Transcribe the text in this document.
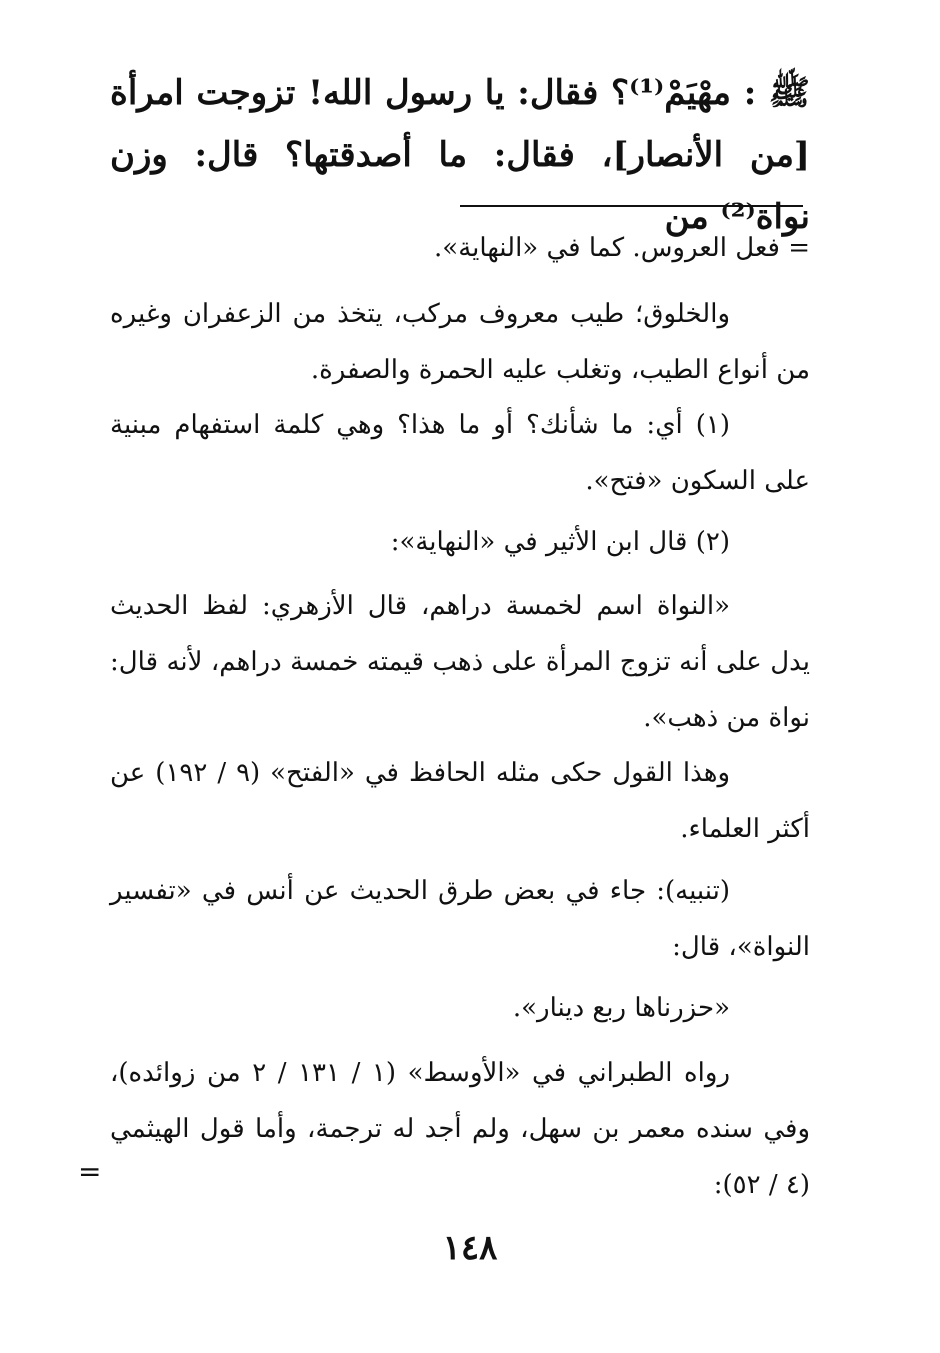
ﷺ : مهْيَمْ⁽¹⁾؟ فقال: يا رسول الله! تزوجت امرأة [من الأنصار]، فقال: ما أصدقتها؟ قال: وزن نواة⁽²⁾ من

= فعل العروس. كما في «النهاية».

والخلوق؛ طيب معروف مركب، يتخذ من الزعفران وغيره من أنواع الطيب، وتغلب عليه الحمرة والصفرة.

(١) أي: ما شأنك؟ أو ما هذا؟ وهي كلمة استفهام مبنية على السكون «فتح».

(٢) قال ابن الأثير في «النهاية»:

«النواة اسم لخمسة دراهم، قال الأزهري: لفظ الحديث يدل على أنه تزوج المرأة على ذهب قيمته خمسة دراهم، لأنه قال: نواة من ذهب».

وهذا القول حكى مثله الحافظ في «الفتح» (٩ / ١٩٢) عن أكثر العلماء.

(تنبيه): جاء في بعض طرق الحديث عن أنس في «تفسير النواة»، قال:

«حزرناها ربع دينار».

رواه الطبراني في «الأوسط» (١ / ١٣١ / ٢ من زوائده)، وفي سنده معمر بن سهل، ولم أجد له ترجمة، وأما قول الهيثمي (٤ / ٥٢):

=
١٤٨
